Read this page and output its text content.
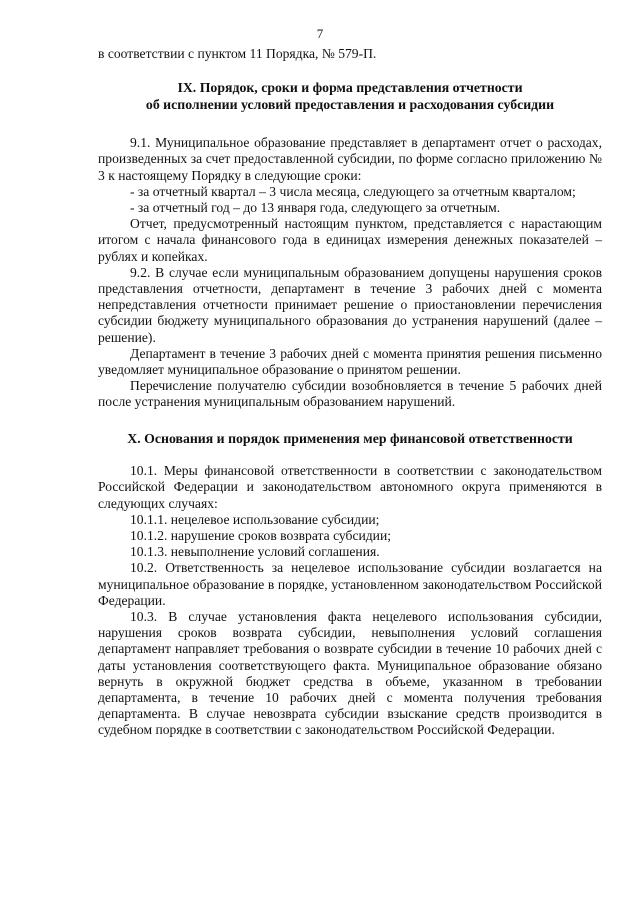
7

в соответствии с пунктом 11 Порядка, № 579-П.

IX. Порядок, сроки и форма представления отчетности
об исполнении условий предоставления и расходования субсидии

9.1. Муниципальное образование представляет в департамент отчет о расходах, произведенных за счет предоставленной субсидии, по форме согласно приложению № 3 к настоящему Порядку в следующие сроки:

- за отчетный квартал – 3 числа месяца, следующего за отчетным кварталом;

- за отчетный год – до 13 января года, следующего за отчетным.

Отчет, предусмотренный настоящим пунктом, представляется с нарастающим итогом с начала финансового года в единицах измерения денежных показателей – рублях и копейках.

9.2. В случае если муниципальным образованием допущены нарушения сроков представления отчетности, департамент в течение 3 рабочих дней с момента непредставления отчетности принимает решение о приостановлении перечисления субсидии бюджету муниципального образования до устранения нарушений (далее – решение).

Департамент в течение 3 рабочих дней с момента принятия решения письменно уведомляет муниципальное образование о принятом решении.

Перечисление получателю субсидии возобновляется в течение 5 рабочих дней после устранения муниципальным образованием нарушений.

X. Основания и порядок применения мер финансовой ответственности

10.1. Меры финансовой ответственности в соответствии с законодательством Российской Федерации и законодательством автономного округа применяются в следующих случаях:

10.1.1. нецелевое использование субсидии;

10.1.2. нарушение сроков возврата субсидии;

10.1.3. невыполнение условий соглашения.

10.2. Ответственность за нецелевое использование субсидии возлагается на муниципальное образование в порядке, установленном законодательством Российской Федерации.

10.3. В случае установления факта нецелевого использования субсидии, нарушения сроков возврата субсидии, невыполнения условий соглашения департамент направляет требования о возврате субсидии в течение 10 рабочих дней с даты установления соответствующего факта. Муниципальное образование обязано вернуть в окружной бюджет средства в объеме, указанном в требовании департамента, в течение 10 рабочих дней с момента получения требования департамента. В случае невозврата субсидии взыскание средств производится в судебном порядке в соответствии с законодательством Российской Федерации.
